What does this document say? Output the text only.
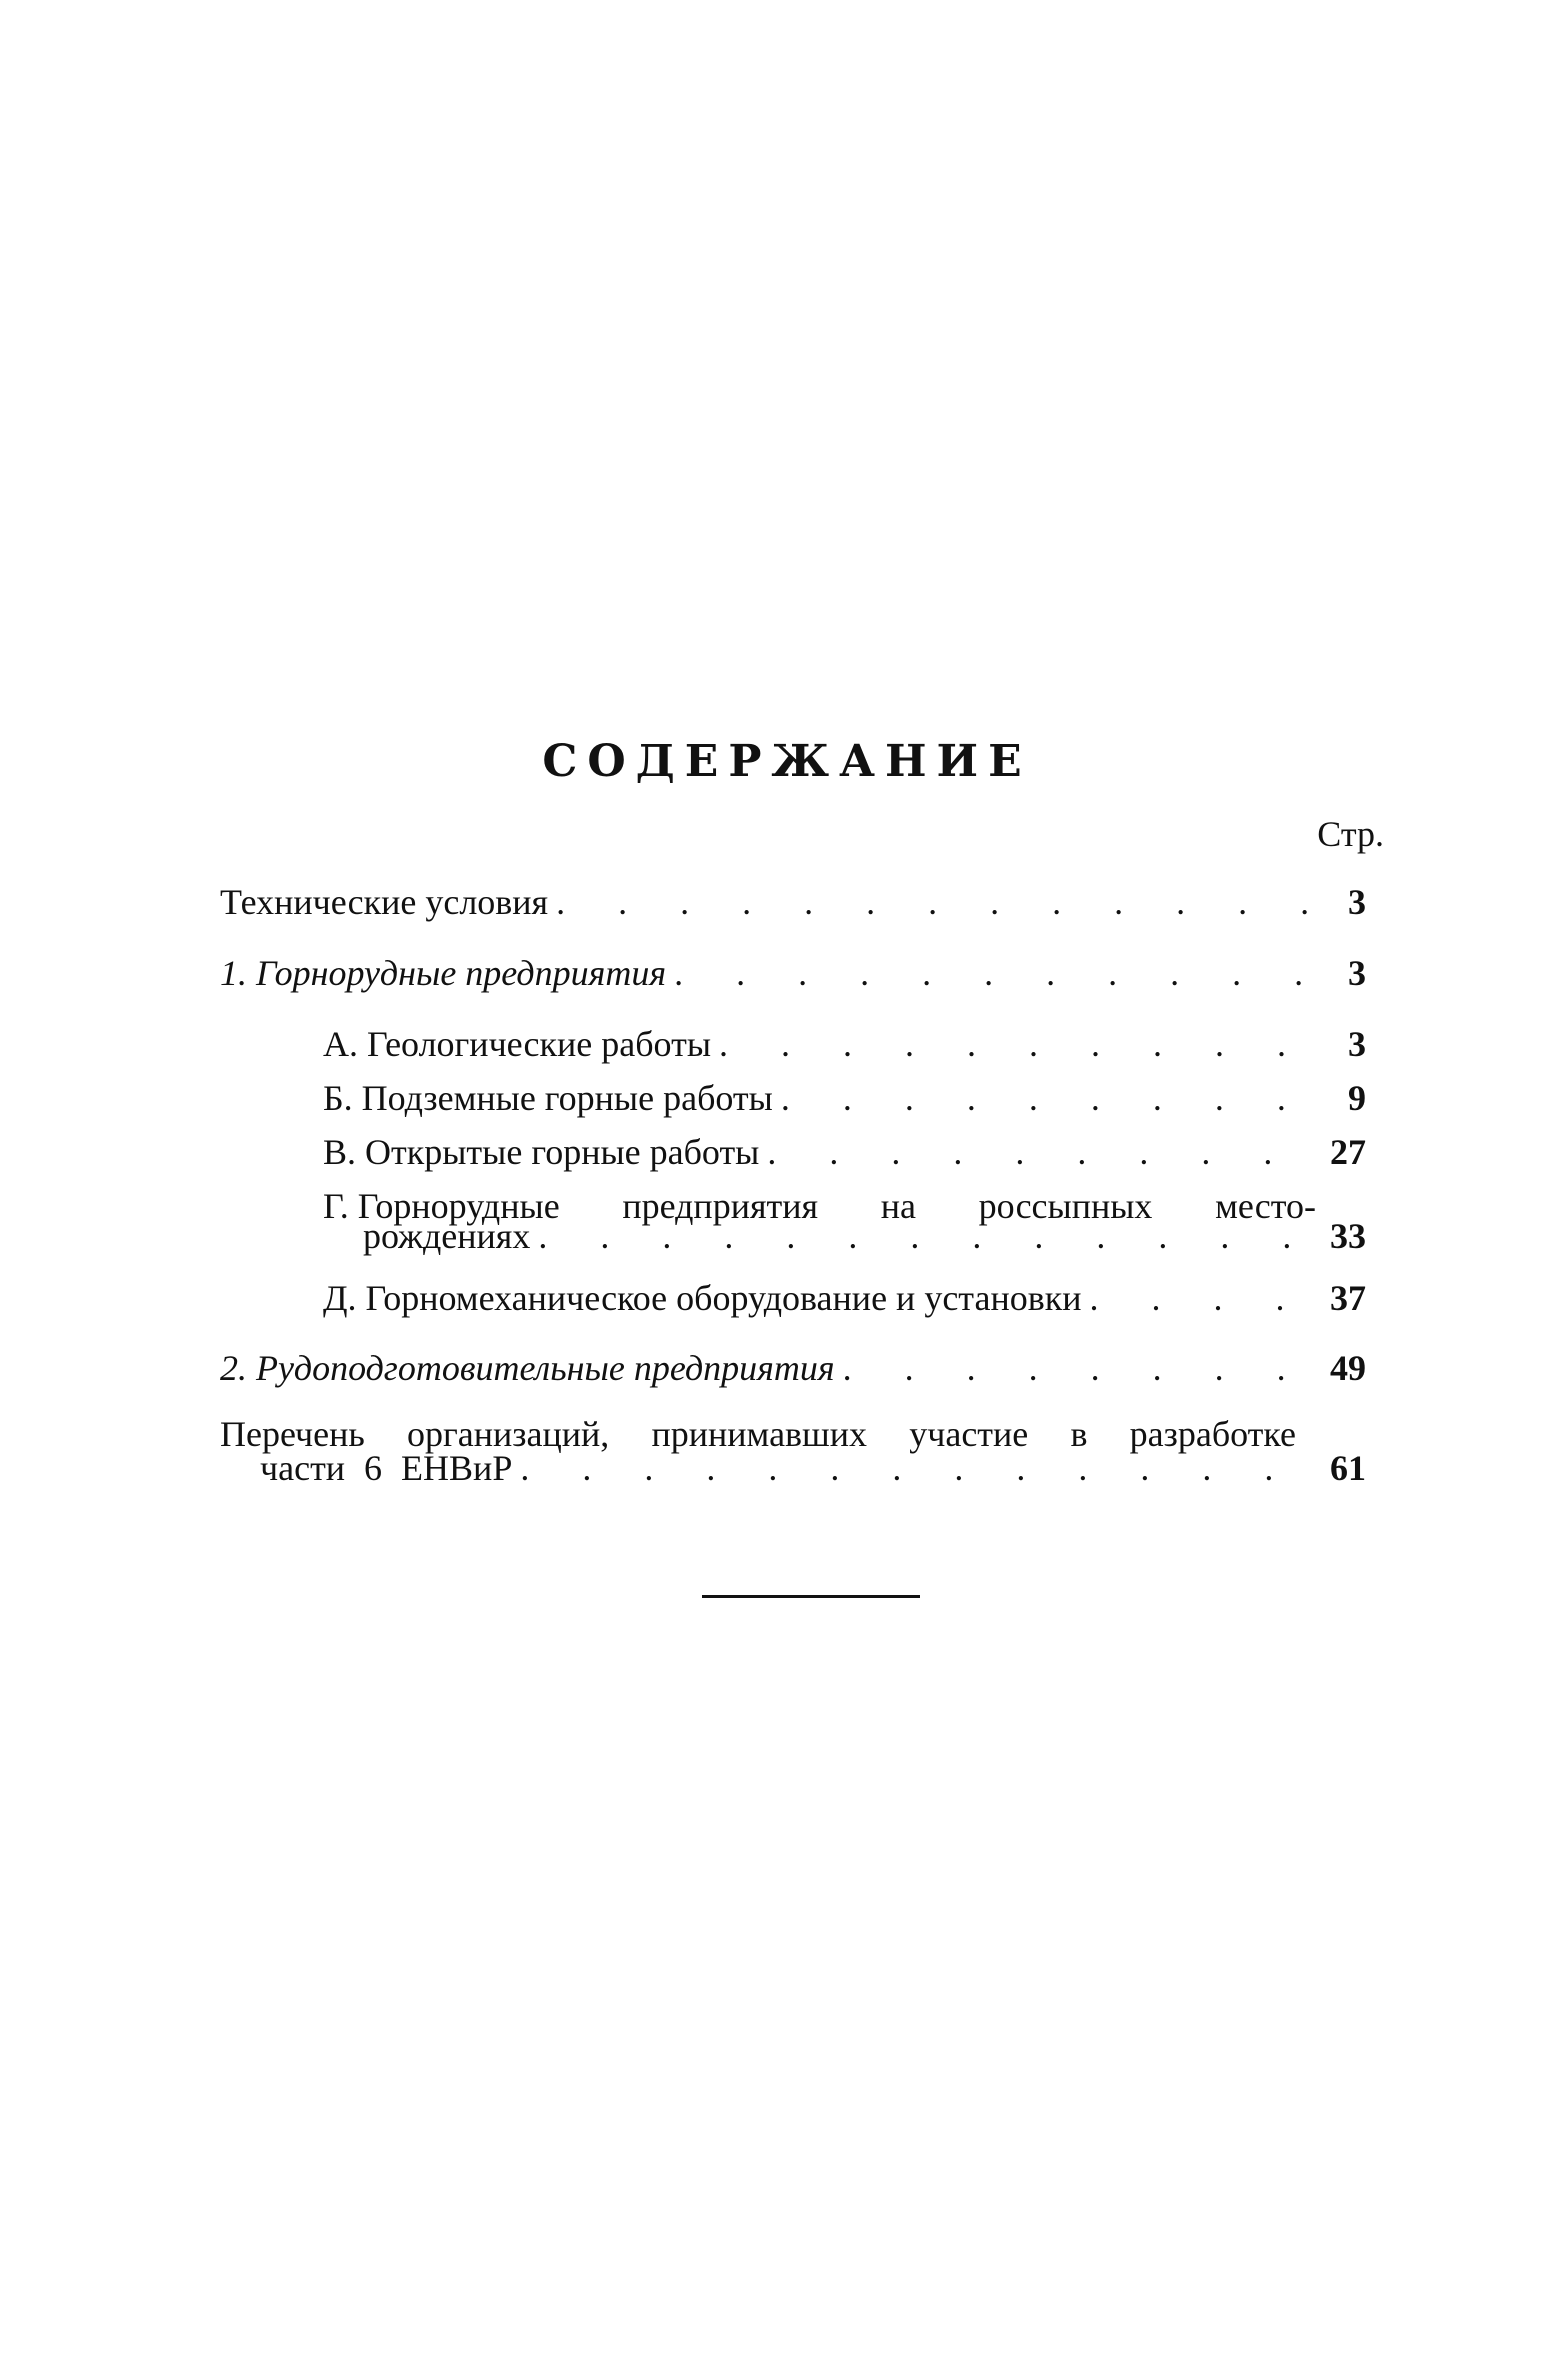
СОДЕРЖАНИЕ
Стр.
Технические условия . . .	3
1. Горнорудные предприятия . . .	3
А. Геологические работы . . .	3
Б. Подземные горные работы . . .	9
В. Открытые горные работы . . .	27
Г. Горнорудные предприятия на россыпных место-
рождениях . . .	33
Д. Горномеханическое оборудование и установки . . .	37
2. Рудоподготовительные предприятия . . .	49
Перечень организаций, принимавших участие в разработке
части 6 ЕНВиР . . .	61
